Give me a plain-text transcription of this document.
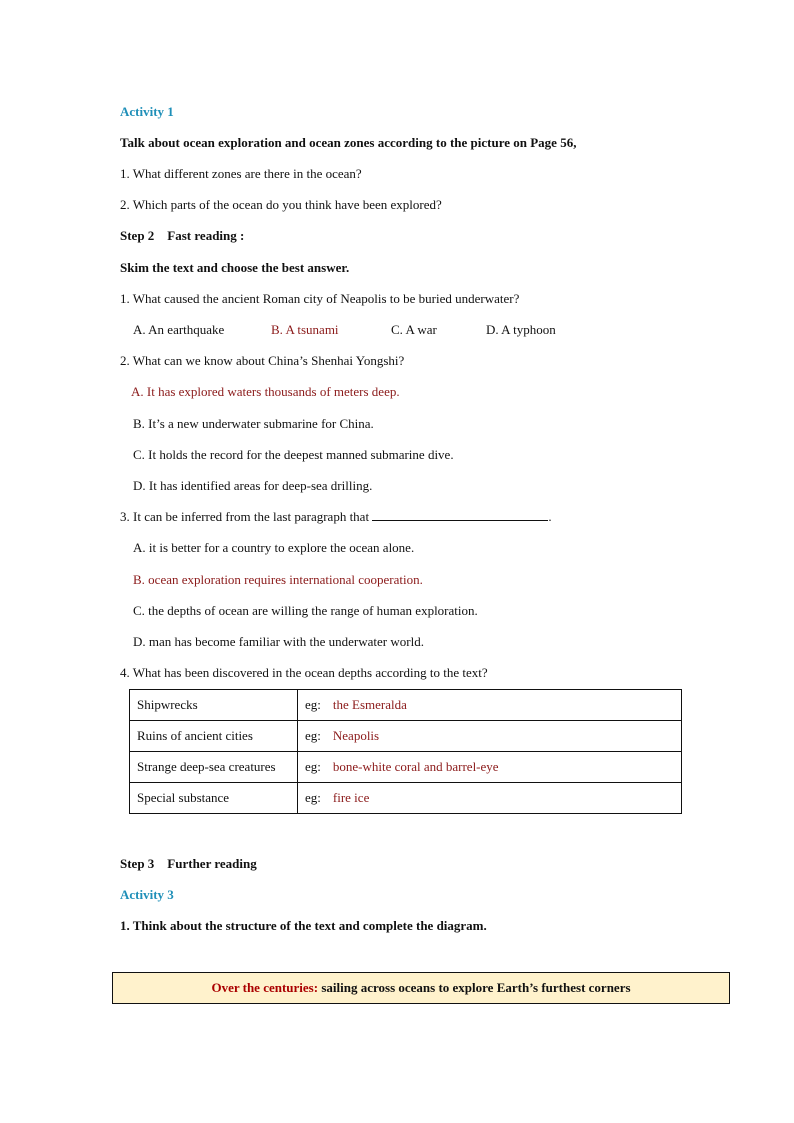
Activity 1
Talk about ocean exploration and ocean zones according to the picture on Page 56,
1. What different zones are there in the ocean?
2. Which parts of the ocean do you think have been explored?
Step 2    Fast reading :
Skim the text and choose the best answer.
1. What caused the ancient Roman city of Neapolis to be buried underwater?
A. An earthquake	B. A tsunami	C. A war	D. A typhoon
2. What can we know about China’s Shenhai Yongshi?
A. It has explored waters thousands of meters deep.
B. It’s a new underwater submarine for China.
C. It holds the record for the deepest manned submarine dive.
D. It has identified areas for deep-sea drilling.
3. It can be inferred from the last paragraph that	.
A. it is better for a country to explore the ocean alone.
B. ocean exploration requires international cooperation.
C. the depths of ocean are willing the range of human exploration.
D. man has become familiar with the underwater world.
4. What has been discovered in the ocean depths according to the text?
Shipwrecks	eg: the Esmeralda
Ruins of ancient cities	eg: Neapolis
Strange deep-sea creatures	eg: bone-white coral and barrel-eye
Special substance	eg: fire ice
Step 3    Further reading
Activity 3
1. Think about the structure of the text and complete the diagram.
Over the centuries: sailing across oceans to explore Earth’s furthest corners
